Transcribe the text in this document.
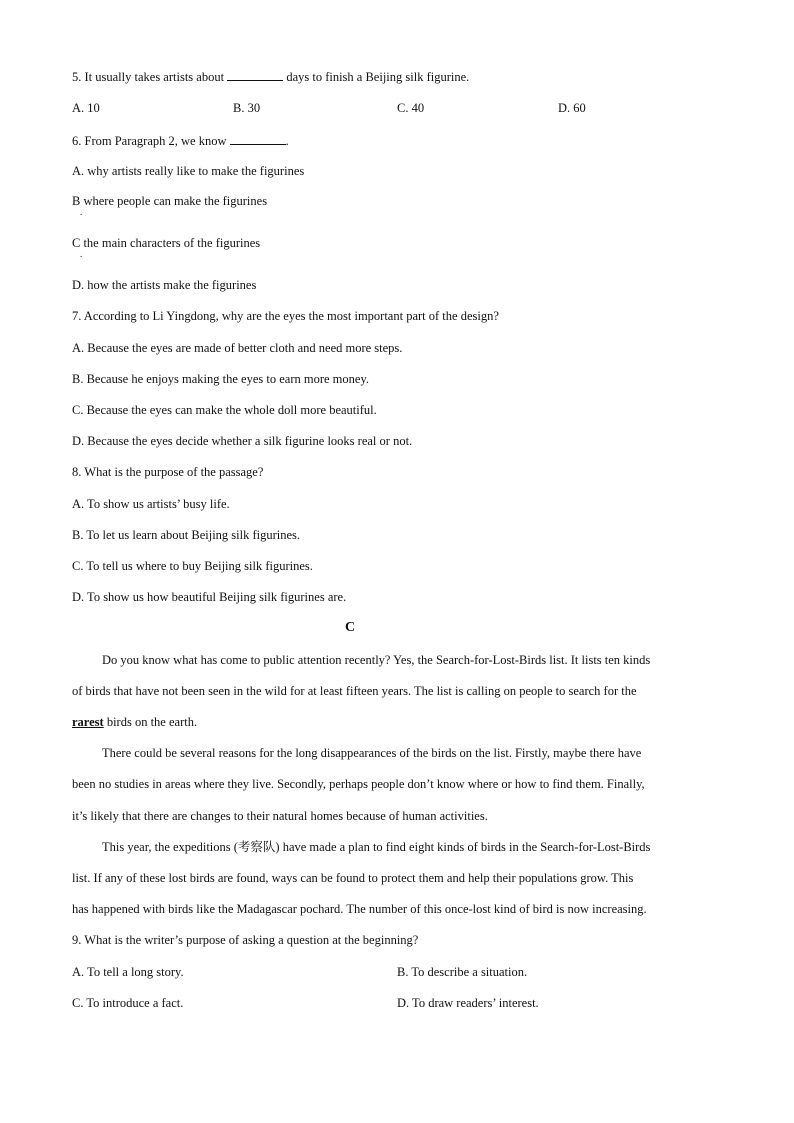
5. It usually takes artists about	days to finish a Beijing silk figurine.
A. 10	B. 30	C. 40	D. 60
6. From Paragraph 2, we know	.
A. why artists really like to make the figurines
B where people can make the figurines
.
C the main characters of the figurines
.
D. how the artists make the figurines
7. According to Li Yingdong, why are the eyes the most important part of the design?
A. Because the eyes are made of better cloth and need more steps.
B. Because he enjoys making the eyes to earn more money.
C. Because the eyes can make the whole doll more beautiful.
D. Because the eyes decide whether a silk figurine looks real or not.
8. What is the purpose of the passage?
A. To show us artists’ busy life.
B. To let us learn about Beijing silk figurines.
C. To tell us where to buy Beijing silk figurines.
D. To show us how beautiful Beijing silk figurines are.
C
Do you know what has come to public attention recently? Yes, the Search-for-Lost-Birds list. It lists ten kinds
of birds that have not been seen in the wild for at least fifteen years. The list is calling on people to search for the
rarest birds on the earth.
There could be several reasons for the long disappearances of the birds on the list. Firstly, maybe there have
been no studies in areas where they live. Secondly, perhaps people don’t know where or how to find them. Finally,
it’s likely that there are changes to their natural homes because of human activities.
This year, the expeditions (考察队) have made a plan to find eight kinds of birds in the Search-for-Lost-Birds
list. If any of these lost birds are found, ways can be found to protect them and help their populations grow. This
has happened with birds like the Madagascar pochard. The number of this once-lost kind of bird is now increasing.
9. What is the writer’s purpose of asking a question at the beginning?
A. To tell a long story.	B. To describe a situation.
C. To introduce a fact.	D. To draw readers’ interest.
